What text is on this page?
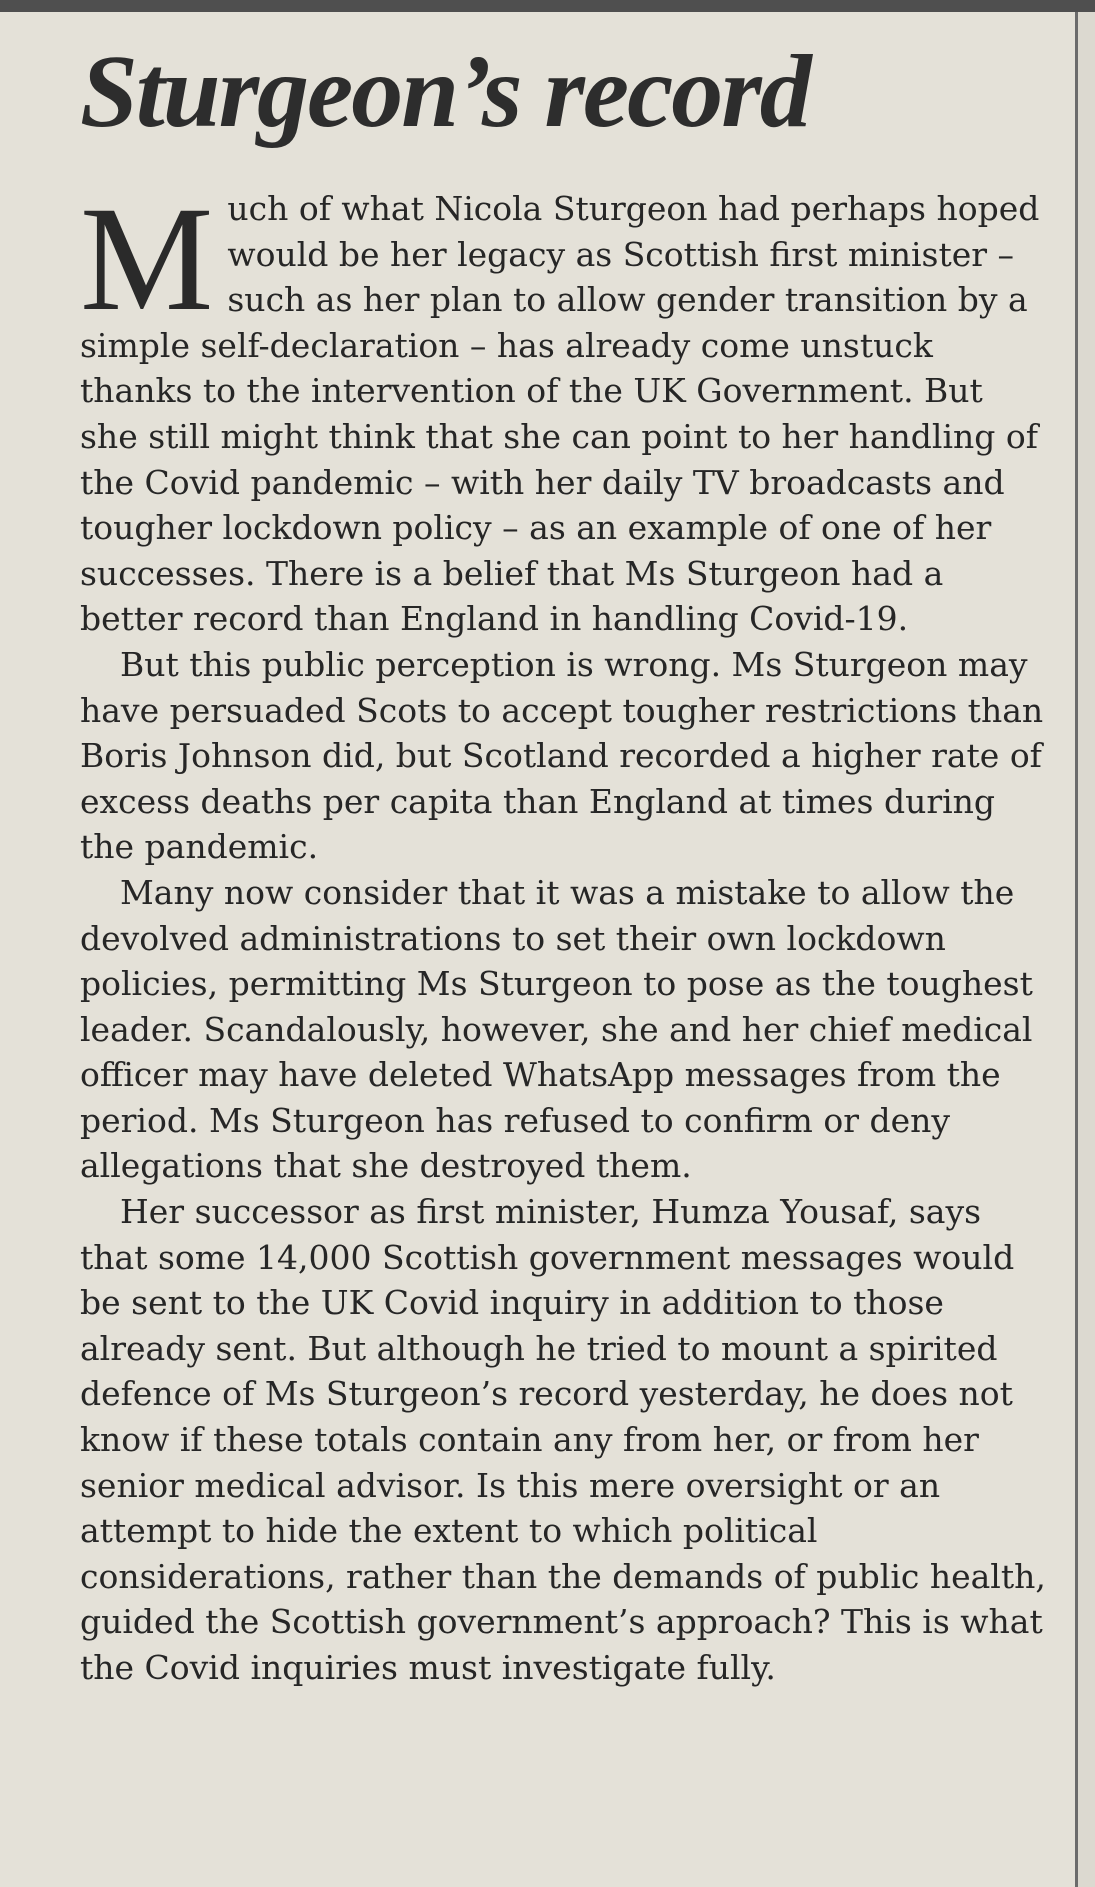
Sturgeon’s record

M uch of what Nicola Sturgeon had perhaps hoped would be her legacy as Scottish first minister – such as her plan to allow gender transition by a simple self-declaration – has already come unstuck thanks to the intervention of the UK Government. But she still might think that she can point to her handling of the Covid pandemic – with her daily TV broadcasts and tougher lockdown policy – as an example of one of her successes. There is a belief that Ms Sturgeon had a better record than England in handling Covid-19.

But this public perception is wrong. Ms Sturgeon may have persuaded Scots to accept tougher restrictions than Boris Johnson did, but Scotland recorded a higher rate of excess deaths per capita than England at times during the pandemic.

Many now consider that it was a mistake to allow the devolved administrations to set their own lockdown policies, permitting Ms Sturgeon to pose as the toughest leader. Scandalously, however, she and her chief medical officer may have deleted WhatsApp messages from the period. Ms Sturgeon has refused to confirm or deny allegations that she destroyed them.

Her successor as first minister, Humza Yousaf, says that some 14,000 Scottish government messages would be sent to the UK Covid inquiry in addition to those already sent. But although he tried to mount a spirited defence of Ms Sturgeon’s record yesterday, he does not know if these totals contain any from her, or from her senior medical advisor. Is this mere oversight or an attempt to hide the extent to which political considerations, rather than the demands of public health, guided the Scottish government’s approach? This is what the Covid inquiries must investigate fully.
